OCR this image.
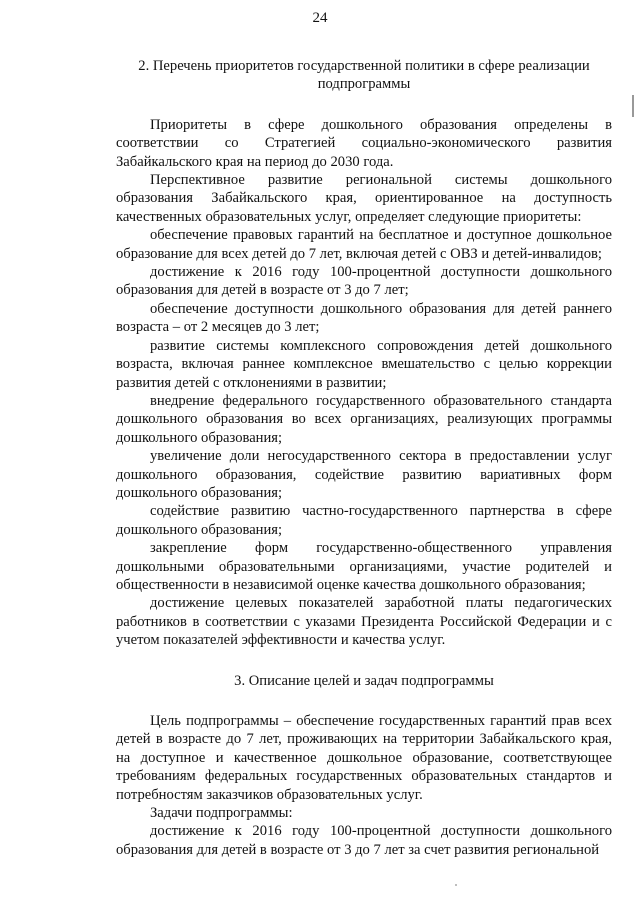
24
2. Перечень приоритетов государственной политики в сфере реализации
подпрограммы

Приоритеты в сфере дошкольного образования определены в соответствии со Стратегией социально-экономического развития Забайкальского края на период до 2030 года.

Перспективное развитие региональной системы дошкольного образования Забайкальского края, ориентированное на доступность качественных образовательных услуг, определяет следующие приоритеты:

обеспечение правовых гарантий на бесплатное и доступное дошкольное образование для всех детей до 7 лет, включая детей с ОВЗ и детей-инвалидов;

достижение к 2016 году 100-процентной доступности дошкольного образования для детей в возрасте от 3 до 7 лет;

обеспечение доступности дошкольного образования для детей раннего возраста – от 2 месяцев до 3 лет;

развитие системы комплексного сопровождения детей дошкольного возраста, включая раннее комплексное вмешательство с целью коррекции развития детей с отклонениями в развитии;

внедрение федерального государственного образовательного стандарта дошкольного образования во всех организациях, реализующих программы дошкольного образования;

увеличение доли негосударственного сектора в предоставлении услуг дошкольного образования, содействие развитию вариативных форм дошкольного образования;

содействие развитию частно-государственного партнерства в сфере дошкольного образования;

закрепление форм государственно-общественного управления дошкольными образовательными организациями, участие родителей и общественности в независимой оценке качества дошкольного образования;

достижение целевых показателей заработной платы педагогических работников в соответствии с указами Президента Российской Федерации и с учетом показателей эффективности и качества услуг.

3. Описание целей и задач подпрограммы

Цель подпрограммы – обеспечение государственных гарантий прав всех детей в возрасте до 7 лет, проживающих на территории Забайкальского края, на доступное и качественное дошкольное образование, соответствующее требованиям федеральных государственных образовательных стандартов и потребностям заказчиков образовательных услуг.

Задачи подпрограммы:

достижение к 2016 году 100-процентной доступности дошкольного образования для детей в возрасте от 3 до 7 лет за счет развития региональной
